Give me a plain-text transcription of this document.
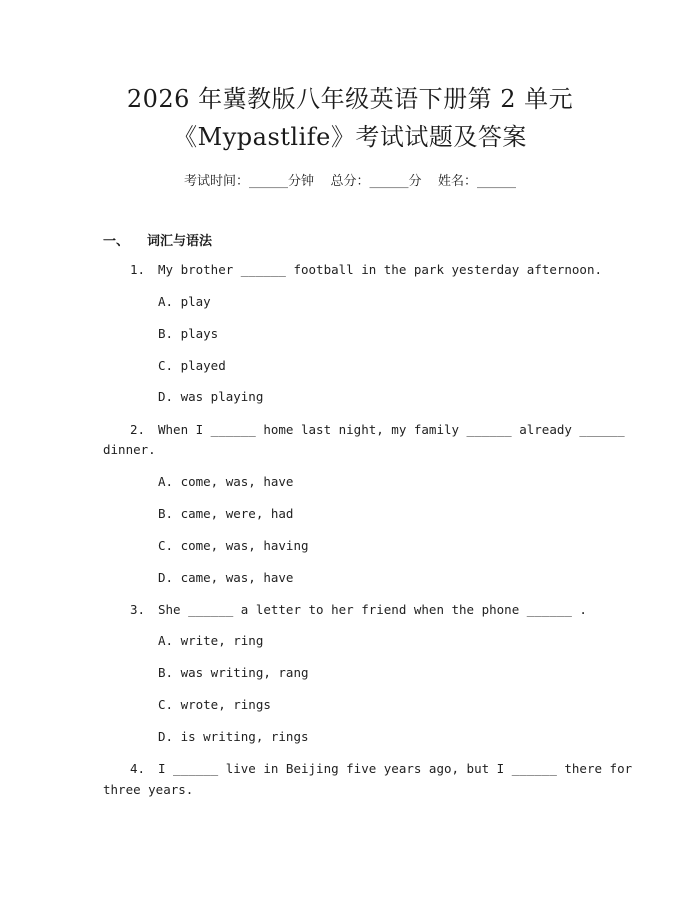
2026 年冀教版八年级英语下册第 2 单元
《Mypastlife》考试试题及答案
考试时间：______分钟    总分：______分    姓名：______
一、 词汇与语法
1. My brother ______ football in the park yesterday afternoon.
A. play
B. plays
C. played
D. was playing
2. When I ______ home last night, my family ______ already ______
dinner.
A. come, was, have
B. came, were, had
C. come, was, having
D. came, was, have
3. She ______ a letter to her friend when the phone ______ .
A. write, ring
B. was writing, rang
C. wrote, rings
D. is writing, rings
4. I ______ live in Beijing five years ago, but I ______ there for
three years.
